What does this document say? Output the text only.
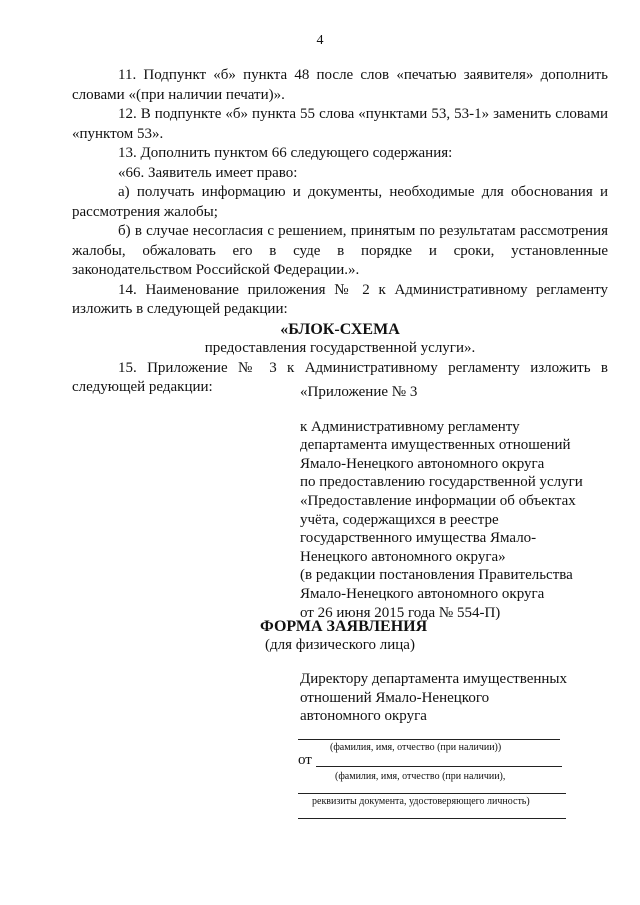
4

11. Подпункт «б» пункта 48 после слов «печатью заявителя» дополнить словами «(при наличии печати)».

12. В подпункте «б» пункта 55 слова «пунктами 53, 53-1» заменить словами «пунктом 53».

13. Дополнить пунктом 66 следующего содержания:

«66. Заявитель имеет право:

а) получать информацию и документы, необходимые для обоснования и рассмотрения жалобы;

б) в случае несогласия с решением, принятым по результатам рассмотрения жалобы, обжаловать его в суде в порядке и сроки, установленные законодательством Российской Федерации.».

14. Наименование приложения № 2 к Административному регламенту изложить в следующей редакции:

«БЛОК-СХЕМА

предоставления государственной услуги».

15. Приложение № 3 к Административному регламенту изложить в следующей редакции:	«Приложение № 3
к Административному регламенту
департамента имущественных отношений
Ямало-Ненецкого автономного округа
по предоставлению государственной услуги
«Предоставление информации об объектах
учёта, содержащихся в реестре
государственного имущества Ямало-
Ненецкого автономного округа»
(в редакции постановления Правительства
Ямало-Ненецкого автономного округа
от 26 июня 2015 года № 554-П)
ФОРМА ЗАЯВЛЕНИЯ
(для физического лица)
Директору департамента имущественных
отношений Ямало-Ненецкого
автономного округа
(фамилия, имя, отчество (при наличии))
от
(фамилия, имя, отчество (при наличии),
реквизиты документа, удостоверяющего личность)
